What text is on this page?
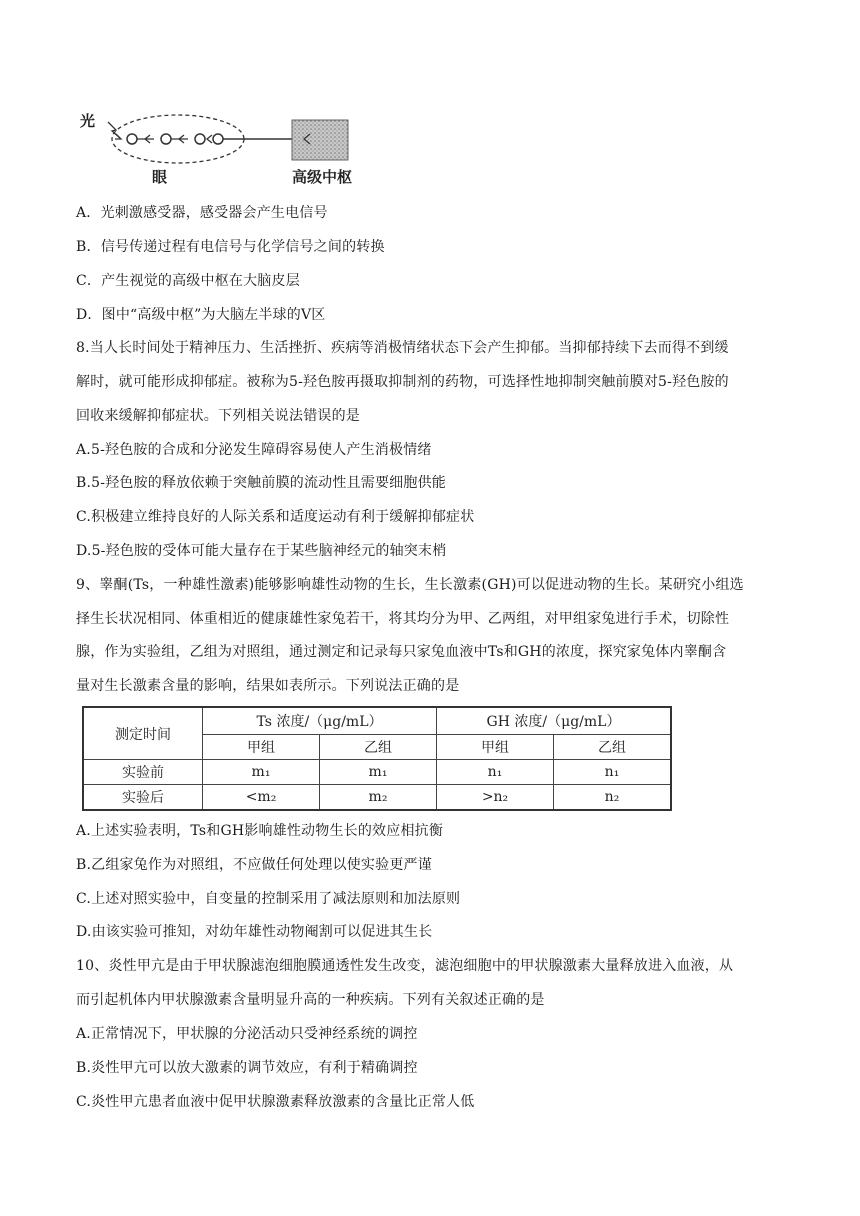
光
眼	高级中枢
A．光刺激感受器，感受器会产生电信号
B．信号传递过程有电信号与化学信号之间的转换
C．产生视觉的高级中枢在大脑皮层
D．图中“高级中枢”为大脑左半球的Ⅴ区
8.当人长时间处于精神压力、生活挫折、疾病等消极情绪状态下会产生抑郁。当抑郁持续下去而得不到缓
解时，就可能形成抑郁症。被称为5-羟色胺再摄取抑制剂的药物，可选择性地抑制突触前膜对5-羟色胺的
回收来缓解抑郁症状。下列相关说法错误的是
A.5-羟色胺的合成和分泌发生障碍容易使人产生消极情绪
B.5-羟色胺的释放依赖于突触前膜的流动性且需要细胞供能
C.积极建立维持良好的人际关系和适度运动有利于缓解抑郁症状
D.5-羟色胺的受体可能大量存在于某些脑神经元的轴突末梢
9、睾酮(Ts，一种雄性激素)能够影响雄性动物的生长，生长激素(GH)可以促进动物的生长。某研究小组选
择生长状况相同、体重相近的健康雄性家兔若干，将其均分为甲、乙两组，对甲组家兔进行手术，切除性
腺，作为实验组，乙组为对照组，通过测定和记录每只家兔血液中Ts和GH的浓度，探究家兔体内睾酮含
量对生长激素含量的影响，结果如表所示。下列说法正确的是
测定时间	Ts 浓度/（μg/mL）		GH 浓度/（μg/mL）	
	甲组	乙组	甲组	乙组
实验前	m₁	m₁	n₁	n₁
实验后	<m₂	m₂	>n₂	n₂
A.上述实验表明，Ts和GH影响雄性动物生长的效应相抗衡
B.乙组家兔作为对照组，不应做任何处理以使实验更严谨
C.上述对照实验中，自变量的控制采用了减法原则和加法原则
D.由该实验可推知，对幼年雄性动物阉割可以促进其生长
10、炎性甲亢是由于甲状腺滤泡细胞膜通透性发生改变，滤泡细胞中的甲状腺激素大量释放进入血液，从
而引起机体内甲状腺激素含量明显升高的一种疾病。下列有关叙述正确的是
A.正常情况下，甲状腺的分泌活动只受神经系统的调控
B.炎性甲亢可以放大激素的调节效应，有利于精确调控
C.炎性甲亢患者血液中促甲状腺激素释放激素的含量比正常人低
